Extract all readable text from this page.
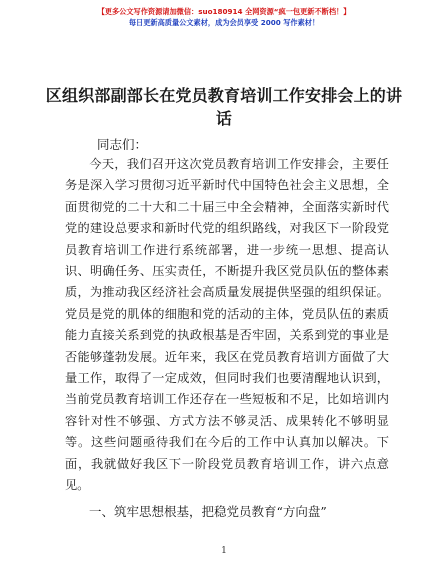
【更多公文写作资源请加微信：suo180914 全网资源“疯一包更新不断档！】
每日更新高质量公文素材，成为会员享受 2000 写作素材！
区组织部副部长在党员教育培训工作安排会上的讲话
同志们：

今天，我们召开这次党员教育培训工作安排会，主要任务是深入学习贯彻习近平新时代中国特色社会主义思想，全面贯彻党的二十大和二十届三中全会精神，全面落实新时代党的建设总要求和新时代党的组织路线，对我区下一阶段党员教育培训工作进行系统部署，进一步统一思想、提高认识、明确任务、压实责任，不断提升我区党员队伍的整体素质，为推动我区经济社会高质量发展提供坚强的组织保证。党员是党的肌体的细胞和党的活动的主体，党员队伍的素质能力直接关系到党的执政根基是否牢固，关系到党的事业是否能够蓬勃发展。近年来，我区在党员教育培训方面做了大量工作，取得了一定成效，但同时我们也要清醒地认识到，当前党员教育培训工作还存在一些短板和不足，比如培训内容针对性不够强、方式方法不够灵活、成果转化不够明显等。这些问题亟待我们在今后的工作中认真加以解决。下面，我就做好我区下一阶段党员教育培训工作，讲六点意见。

一、筑牢思想根基，把稳党员教育“方向盘”

1
